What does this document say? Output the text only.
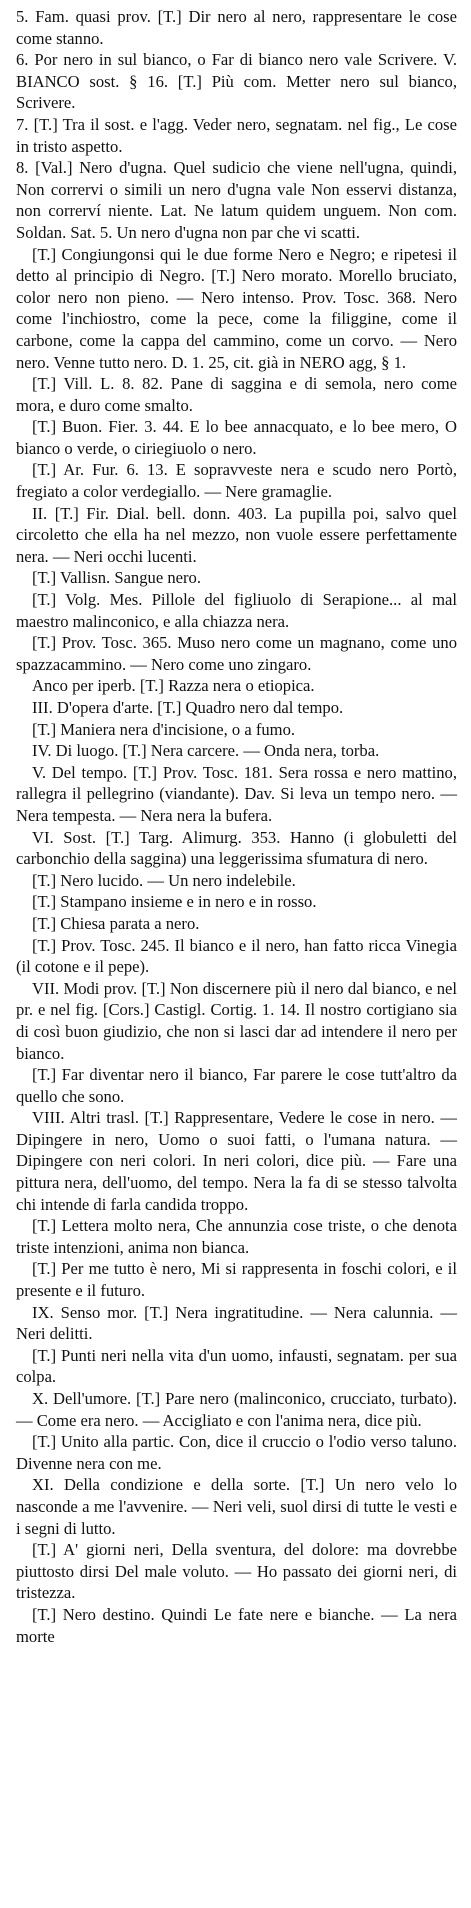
5. Fam. quasi prov. [T.] Dir nero al nero, rappresentare le cose come stanno.

6. Por nero in sul bianco, o Far di bianco nero vale Scrivere. V. BIANCO sost. § 16. [T.] Più com. Metter nero sul bianco, Scrivere.

7. [T.] Tra il sost. e l'agg. Veder nero, segnatam. nel fig., Le cose in tristo aspetto.

8. [Val.] Nero d'ugna. Quel sudicio che viene nell'ugna, quindi, Non corrervi o simili un nero d'ugna vale Non esservi distanza, non correrví niente. Lat. Ne latum quidem unguem. Non com. Soldan. Sat. 5. Un nero d'ugna non par che vi scatti.

[T.] Congiungonsi qui le due forme Nero e Negro; e ripetesi il detto al principio di Negro. [T.] Nero morato. Morello bruciato, color nero non pieno. — Nero intenso. Prov. Tosc. 368. Nero come l'inchiostro, come la pece, come la filiggine, come il carbone, come la cappa del cammino, come un corvo. — Nero nero. Venne tutto nero. D. 1. 25, cit. già in NERO agg, § 1.

[T.] Vill. L. 8. 82. Pane di saggina e di semola, nero come mora, e duro come smalto.

[T.] Buon. Fier. 3. 44. E lo bee annacquato, e lo bee mero, O bianco o verde, o ciriegiuolo o nero.

[T.] Ar. Fur. 6. 13. E sopravveste nera e scudo nero Portò, fregiato a color verdegiallo. — Nere gramaglie.

II. [T.] Fir. Dial. bell. donn. 403. La pupilla poi, salvo quel circoletto che ella ha nel mezzo, non vuole essere perfettamente nera. — Neri occhi lucenti.

[T.] Vallisn. Sangue nero.

[T.] Volg. Mes. Pillole del figliuolo di Serapione... al mal maestro malinconico, e alla chiazza nera.

[T.] Prov. Tosc. 365. Muso nero come un magnano, come uno spazzacammino. — Nero come uno zingaro.

Anco per iperb. [T.] Razza nera o etiopica.

III. D'opera d'arte. [T.] Quadro nero dal tempo.

[T.] Maniera nera d'incisione, o a fumo.

IV. Di luogo. [T.] Nera carcere. — Onda nera, torba.

V. Del tempo. [T.] Prov. Tosc. 181. Sera rossa e nero mattino, rallegra il pellegrino (viandante). Dav. Si leva un tempo nero. — Nera tempesta. — Nera nera la bufera.

VI. Sost. [T.] Targ. Alimurg. 353. Hanno (i globuletti del carbonchio della saggina) una leggerissima sfumatura di nero.

[T.] Nero lucido. — Un nero indelebile.

[T.] Stampano insieme e in nero e in rosso.

[T.] Chiesa parata a nero.

[T.] Prov. Tosc. 245. Il bianco e il nero, han fatto ricca Vinegia (il cotone e il pepe).

VII. Modi prov. [T.] Non discernere più il nero dal bianco, e nel pr. e nel fig. [Cors.] Castigl. Cortig. 1. 14. Il nostro cortigiano sia di così buon giudizio, che non si lasci dar ad intendere il nero per bianco.

[T.] Far diventar nero il bianco, Far parere le cose tutt'altro da quello che sono.

VIII. Altri trasl. [T.] Rappresentare, Vedere le cose in nero. — Dipingere in nero, Uomo o suoi fatti, o l'umana natura. — Dipingere con neri colori. In neri colori, dice più. — Fare una pittura nera, dell'uomo, del tempo. Nera la fa di se stesso talvolta chi intende di farla candida troppo.

[T.] Lettera molto nera, Che annunzia cose triste, o che denota triste intenzioni, anima non bianca.

[T.] Per me tutto è nero, Mi si rappresenta in foschi colori, e il presente e il futuro.

IX. Senso mor. [T.] Nera ingratitudine. — Nera calunnia. — Neri delitti.

[T.] Punti neri nella vita d'un uomo, infausti, segnatam. per sua colpa.

X. Dell'umore. [T.] Pare nero (malinconico, crucciato, turbato). — Come era nero. — Accigliato e con l'anima nera, dice più.

[T.] Unito alla partic. Con, dice il cruccio o l'odio verso taluno. Divenne nera con me.

XI. Della condizione e della sorte. [T.] Un nero velo lo nasconde a me l'avvenire. — Neri veli, suol dirsi di tutte le vesti e i segni di lutto.

[T.] A' giorni neri, Della sventura, del dolore: ma dovrebbe piuttosto dirsi Del male voluto. — Ho passato dei giorni neri, di tristezza.

[T.] Nero destino. Quindi Le fate nere e bianche. — La nera morte
